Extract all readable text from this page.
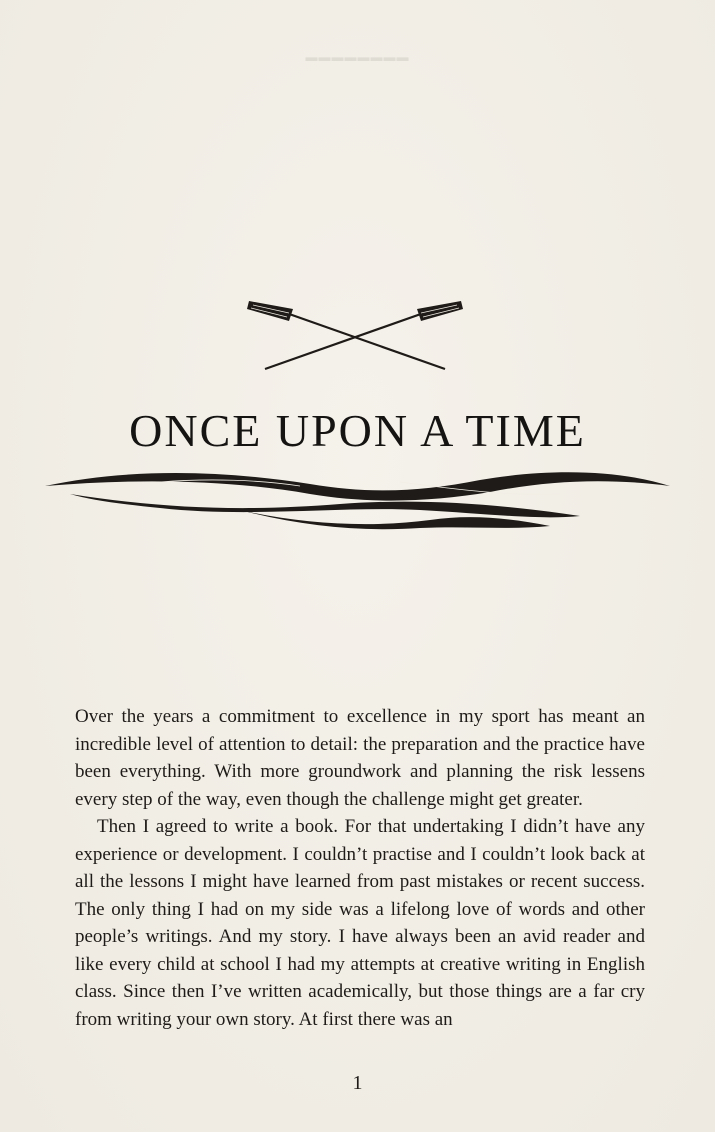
▬▬▬▬▬▬▬▬
ONCE UPON A TIME

Over the years a commitment to excellence in my sport has meant an incredible level of attention to detail: the preparation and the practice have been everything. With more groundwork and planning the risk lessens every step of the way, even though the challenge might get greater.

Then I agreed to write a book. For that undertaking I didn’t have any experience or development. I couldn’t practise and I couldn’t look back at all the lessons I might have learned from past mistakes or recent success. The only thing I had on my side was a lifelong love of words and other people’s writings. And my story. I have always been an avid reader and like every child at school I had my attempts at creative writing in English class. Since then I’ve written academically, but those things are a far cry from writing your own story. At first there was an

1
